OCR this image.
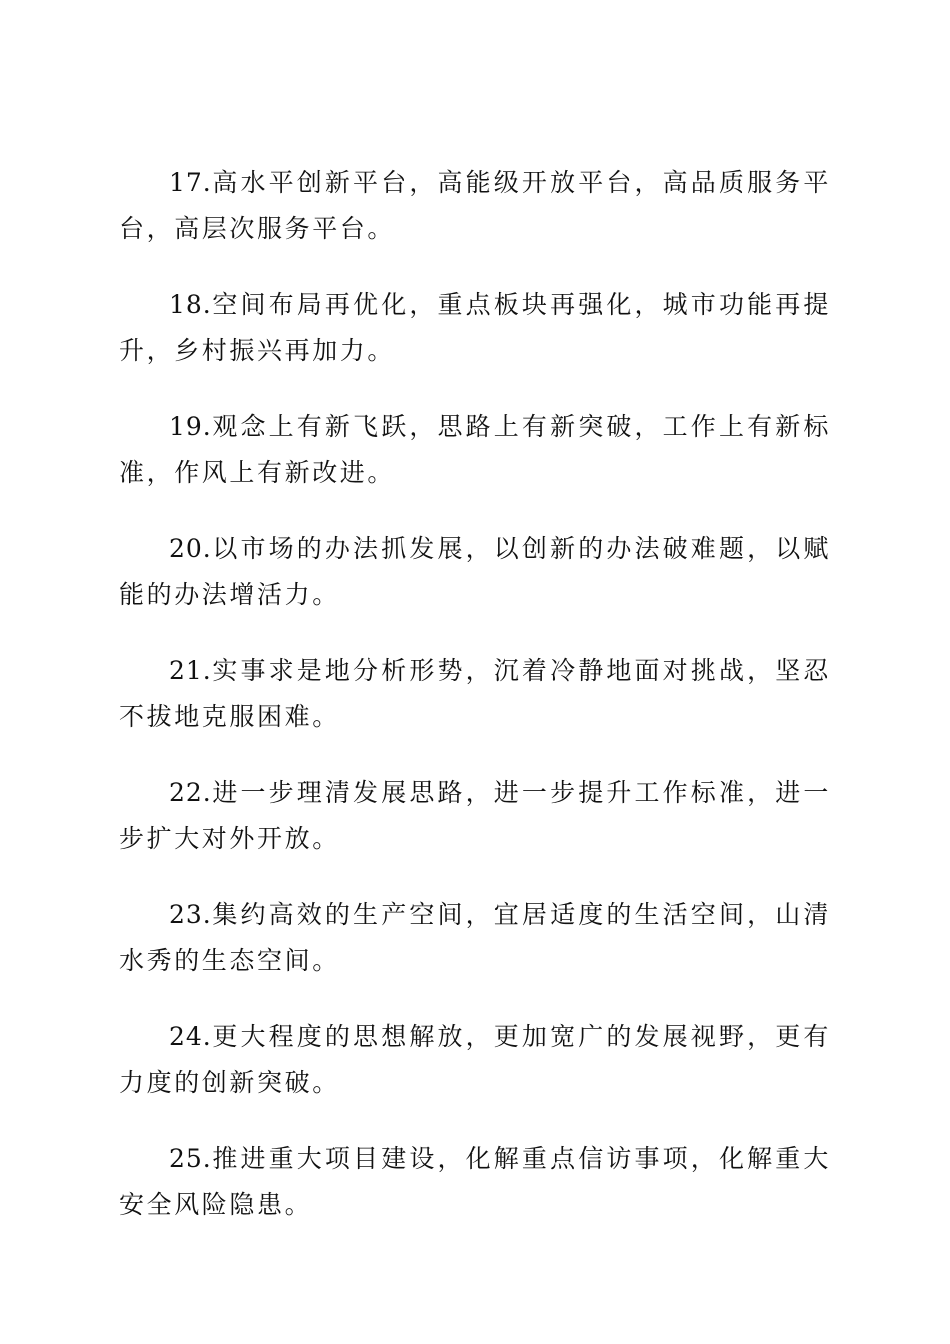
17.高水平创新平台，高能级开放平台，高品质服务平台，高层次服务平台。

18.空间布局再优化，重点板块再强化，城市功能再提升，乡村振兴再加力。

19.观念上有新飞跃，思路上有新突破，工作上有新标准，作风上有新改进。

20.以市场的办法抓发展，以创新的办法破难题，以赋能的办法增活力。

21.实事求是地分析形势，沉着冷静地面对挑战，坚忍不拔地克服困难。

22.进一步理清发展思路，进一步提升工作标准，进一步扩大对外开放。

23.集约高效的生产空间，宜居适度的生活空间，山清水秀的生态空间。

24.更大程度的思想解放，更加宽广的发展视野，更有力度的创新突破。

25.推进重大项目建设，化解重点信访事项，化解重大安全风险隐患。
